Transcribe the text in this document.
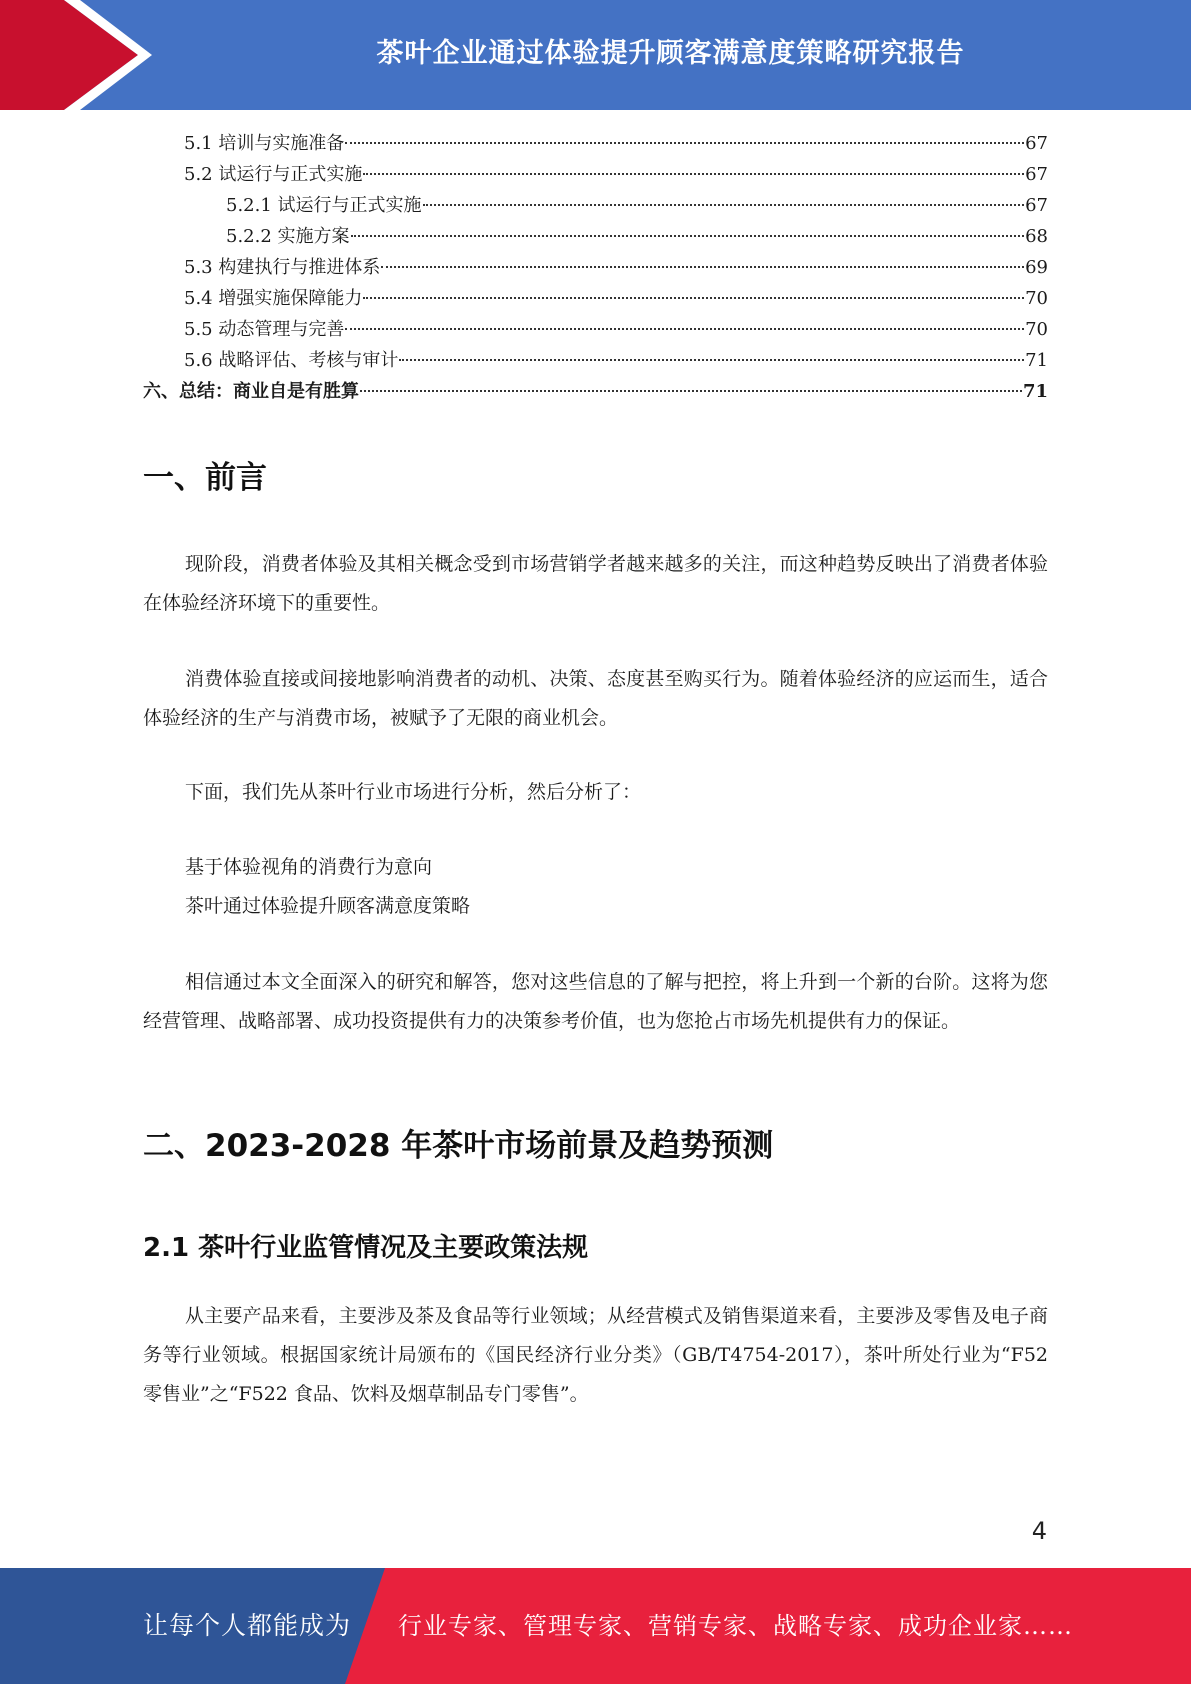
茶叶企业通过体验提升顾客满意度策略研究报告
5.1 培训与实施准备	67
5.2 试运行与正式实施	67
5.2.1 试运行与正式实施	67
5.2.2 实施方案	68
5.3 构建执行与推进体系	69
5.4 增强实施保障能力	70
5.5 动态管理与完善	70
5.6 战略评估、考核与审计	71
六、总结：商业自是有胜算	71
一、前言
现阶段，消费者体验及其相关概念受到市场营销学者越来越多的关注，而这种趋势反映出了消费者体验在体验经济环境下的重要性。
消费体验直接或间接地影响消费者的动机、决策、态度甚至购买行为。随着体验经济的应运而生，适合体验经济的生产与消费市场，被赋予了无限的商业机会。
下面，我们先从茶叶行业市场进行分析，然后分析了：
基于体验视角的消费行为意向
茶叶通过体验提升顾客满意度策略
相信通过本文全面深入的研究和解答，您对这些信息的了解与把控，将上升到一个新的台阶。这将为您经营管理、战略部署、成功投资提供有力的决策参考价值，也为您抢占市场先机提供有力的保证。
二、2023-2028 年茶叶市场前景及趋势预测
2.1 茶叶行业监管情况及主要政策法规
从主要产品来看，主要涉及茶及食品等行业领域；从经营模式及销售渠道来看，主要涉及零售及电子商务等行业领域。根据国家统计局颁布的《国民经济行业分类》（GB/T4754-2017），茶叶所处行业为“F52 零售业”之“F522 食品、饮料及烟草制品专门零售”。
4
让每个人都能成为 行业专家、管理专家、营销专家、战略专家、成功企业家……
